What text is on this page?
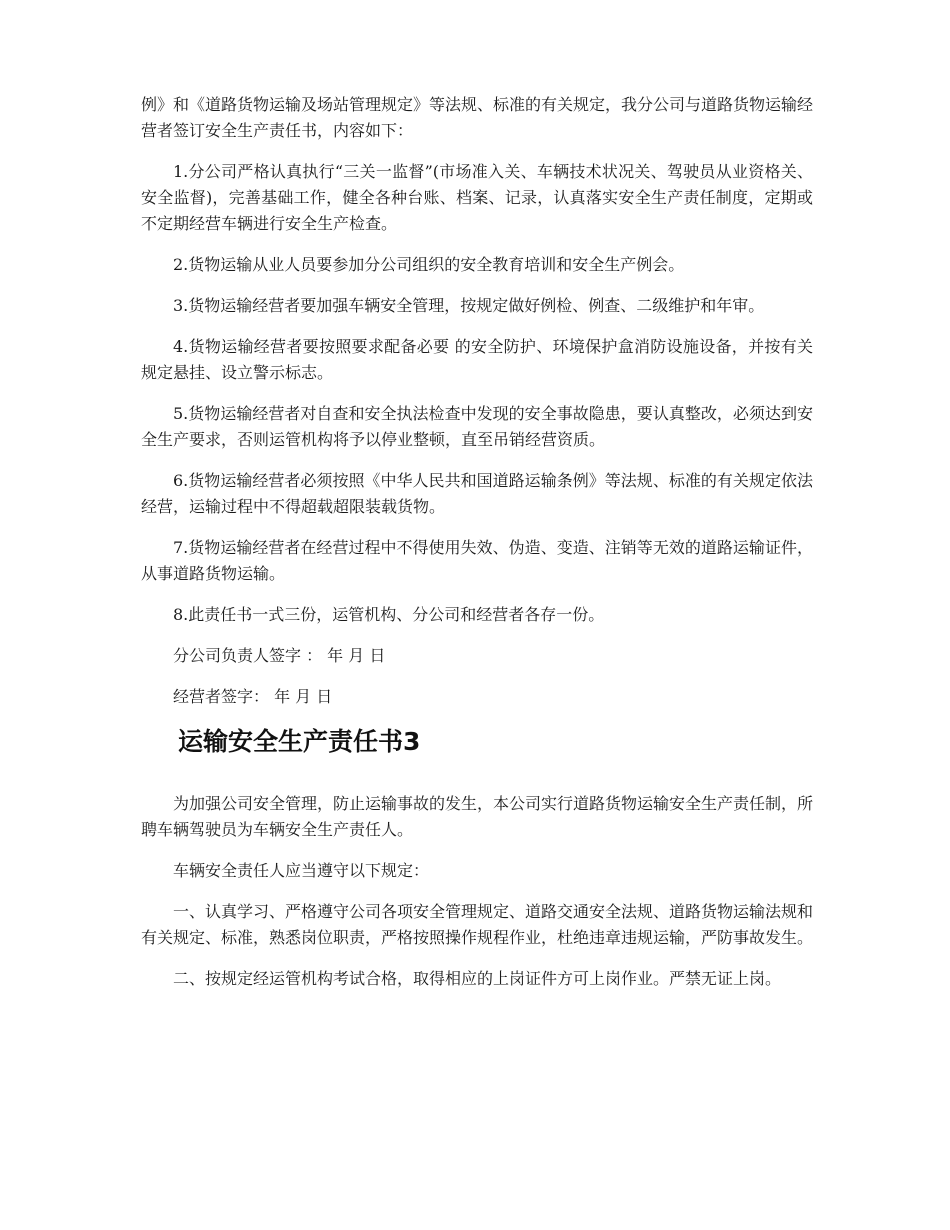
例》和《道路货物运输及场站管理规定》等法规、标准的有关规定，我分公司与道路货物运输经营者签订安全生产责任书，内容如下：

1.分公司严格认真执行“三关一监督”(市场准入关、车辆技术状况关、驾驶员从业资格关、安全监督)，完善基础工作，健全各种台账、档案、记录，认真落实安全生产责任制度，定期或不定期经营车辆进行安全生产检查。

2.货物运输从业人员要参加分公司组织的安全教育培训和安全生产例会。

3.货物运输经营者要加强车辆安全管理，按规定做好例检、例查、二级维护和年审。

4.货物运输经营者要按照要求配备必要 的安全防护、环境保护盒消防设施设备，并按有关规定悬挂、设立警示标志。

5.货物运输经营者对自查和安全执法检查中发现的安全事故隐患，要认真整改，必须达到安全生产要求，否则运管机构将予以停业整顿，直至吊销经营资质。

6.货物运输经营者必须按照《中华人民共和国道路运输条例》等法规、标准的有关规定依法经营，运输过程中不得超载超限装载货物。

7.货物运输经营者在经营过程中不得使用失效、伪造、变造、注销等无效的道路运输证件，从事道路货物运输。

8.此责任书一式三份，运管机构、分公司和经营者各存一份。

分公司负责人签字 ： 年 月 日

经营者签字： 年 月 日

运输安全生产责任书3

为加强公司安全管理，防止运输事故的发生，本公司实行道路货物运输安全生产责任制，所聘车辆驾驶员为车辆安全生产责任人。

车辆安全责任人应当遵守以下规定：

一、认真学习、严格遵守公司各项安全管理规定、道路交通安全法规、道路货物运输法规和有关规定、标准，熟悉岗位职责，严格按照操作规程作业，杜绝违章违规运输，严防事故发生。

二、按规定经运管机构考试合格，取得相应的上岗证件方可上岗作业。严禁无证上岗。
